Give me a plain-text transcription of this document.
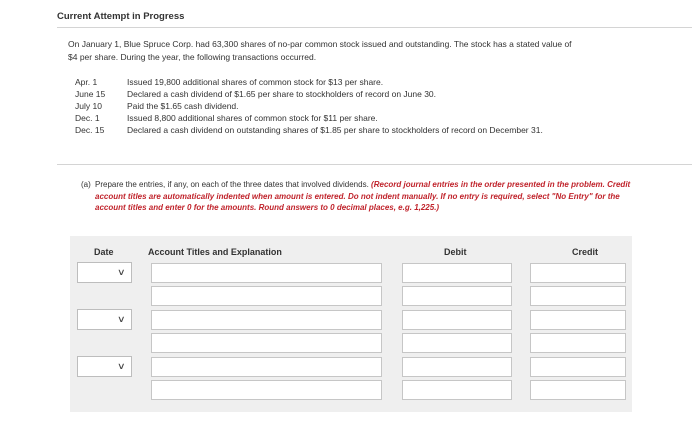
Current Attempt in Progress
On January 1, Blue Spruce Corp. had 63,300 shares of no-par common stock issued and outstanding. The stock has a stated value of
$4 per share. During the year, the following transactions occurred.
Apr. 1	Issued 19,800 additional shares of common stock for $13 per share.
June 15	Declared a cash dividend of $1.65 per share to stockholders of record on June 30.
July 10	Paid the $1.65 cash dividend.
Dec. 1	Issued 8,800 additional shares of common stock for $11 per share.
Dec. 15	Declared a cash dividend on outstanding shares of $1.85 per share to stockholders of record on December 31.
(a) Prepare the entries, if any, on each of the three dates that involved dividends. (Record journal entries in the order presented in the problem. Credit account titles are automatically indented when amount is entered. Do not indent manually. If no entry is required, select "No Entry" for the account titles and enter 0 for the amounts. Round answers to 0 decimal places, e.g. 1,225.)
Date	Account Titles and Explanation	Debit	Credit
∨
∨
∨
